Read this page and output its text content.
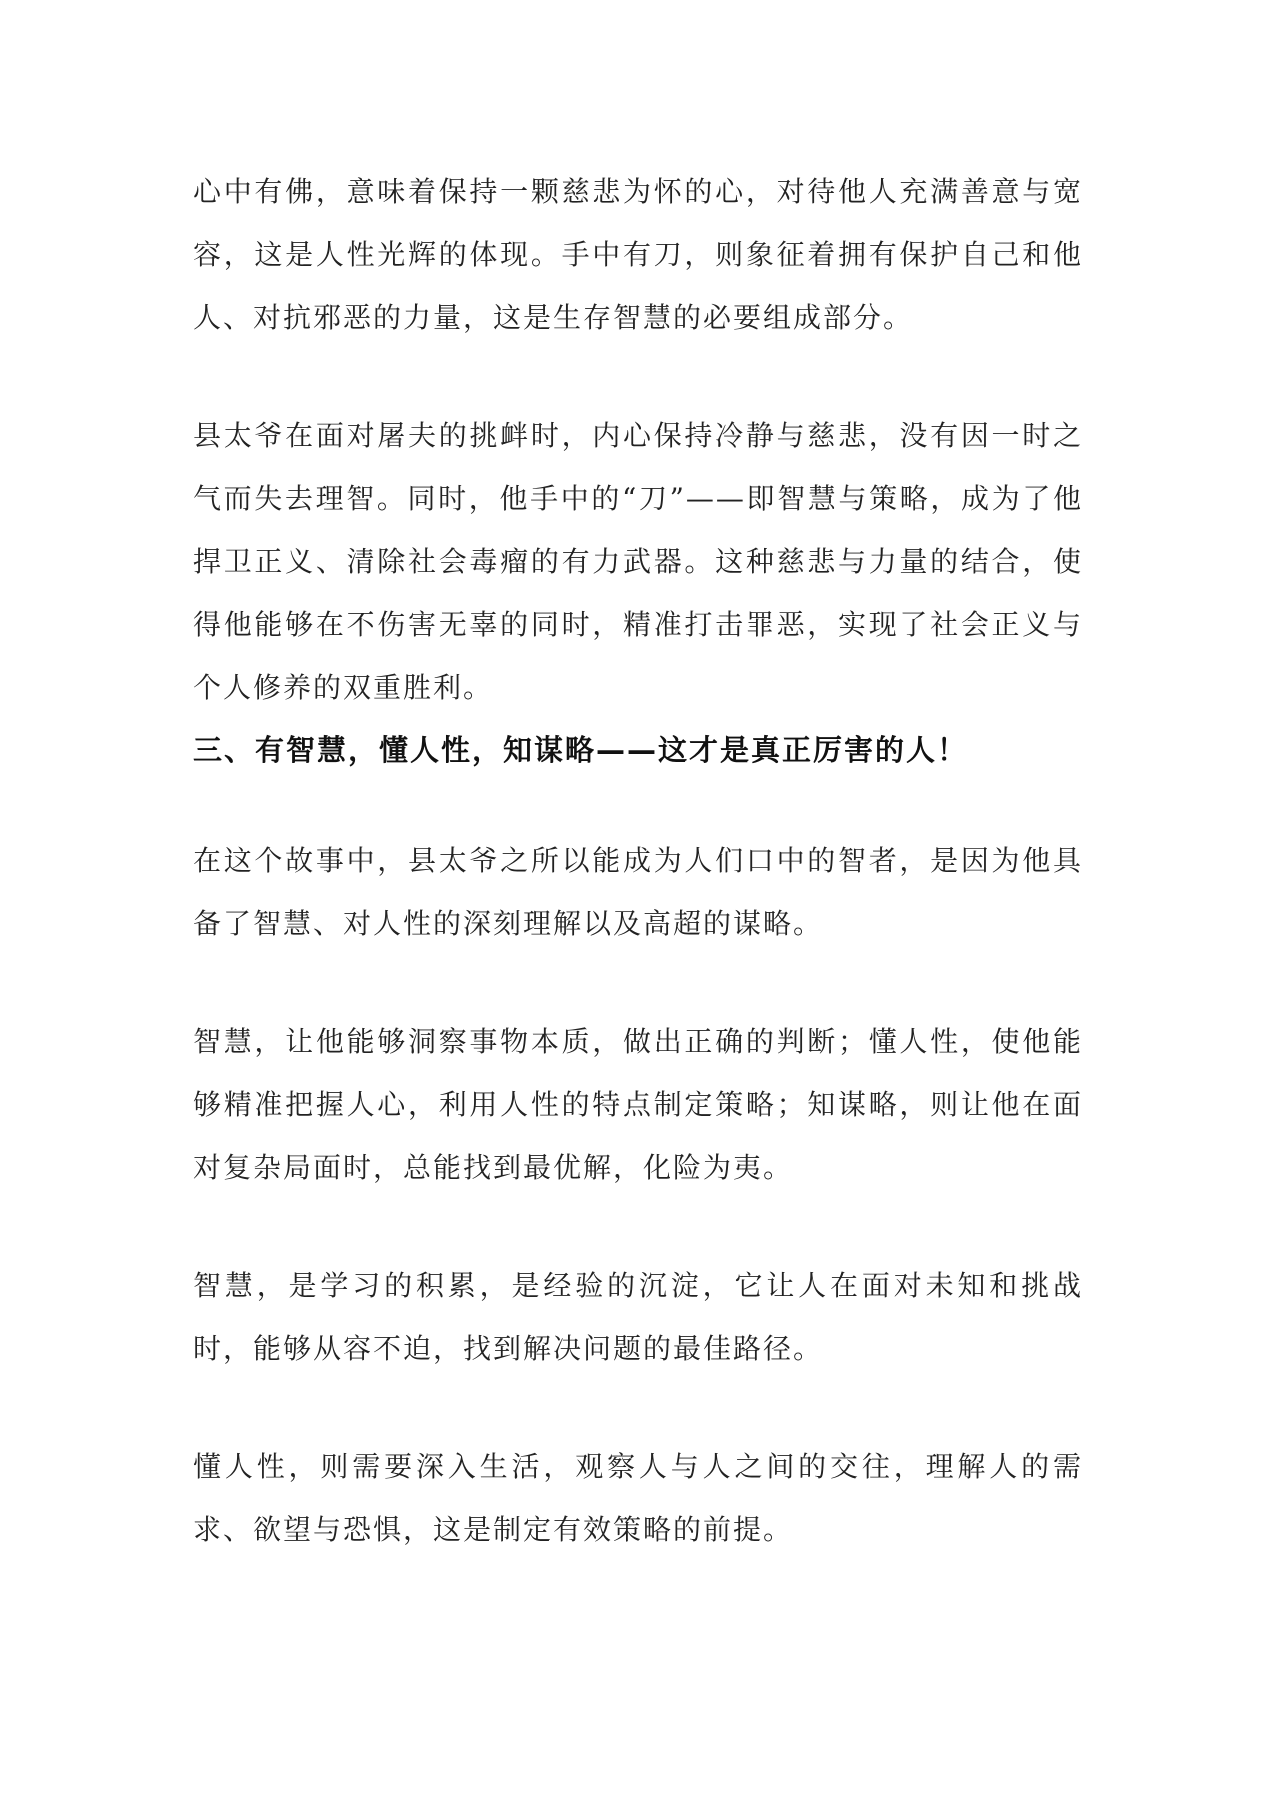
心中有佛，意味着保持一颗慈悲为怀的心，对待他人充满善意与宽容，这是人性光辉的体现。手中有刀，则象征着拥有保护自己和他人、对抗邪恶的力量，这是生存智慧的必要组成部分。

县太爷在面对屠夫的挑衅时，内心保持冷静与慈悲，没有因一时之气而失去理智。同时，他手中的“刀”——即智慧与策略，成为了他捍卫正义、清除社会毒瘤的有力武器。这种慈悲与力量的结合，使得他能够在不伤害无辜的同时，精准打击罪恶，实现了社会正义与个人修养的双重胜利。

三、有智慧，懂人性，知谋略——这才是真正厉害的人！

在这个故事中，县太爷之所以能成为人们口中的智者，是因为他具备了智慧、对人性的深刻理解以及高超的谋略。

智慧，让他能够洞察事物本质，做出正确的判断；懂人性，使他能够精准把握人心，利用人性的特点制定策略；知谋略，则让他在面对复杂局面时，总能找到最优解，化险为夷。

智慧，是学习的积累，是经验的沉淀，它让人在面对未知和挑战时，能够从容不迫，找到解决问题的最佳路径。

懂人性，则需要深入生活，观察人与人之间的交往，理解人的需求、欲望与恐惧，这是制定有效策略的前提。
